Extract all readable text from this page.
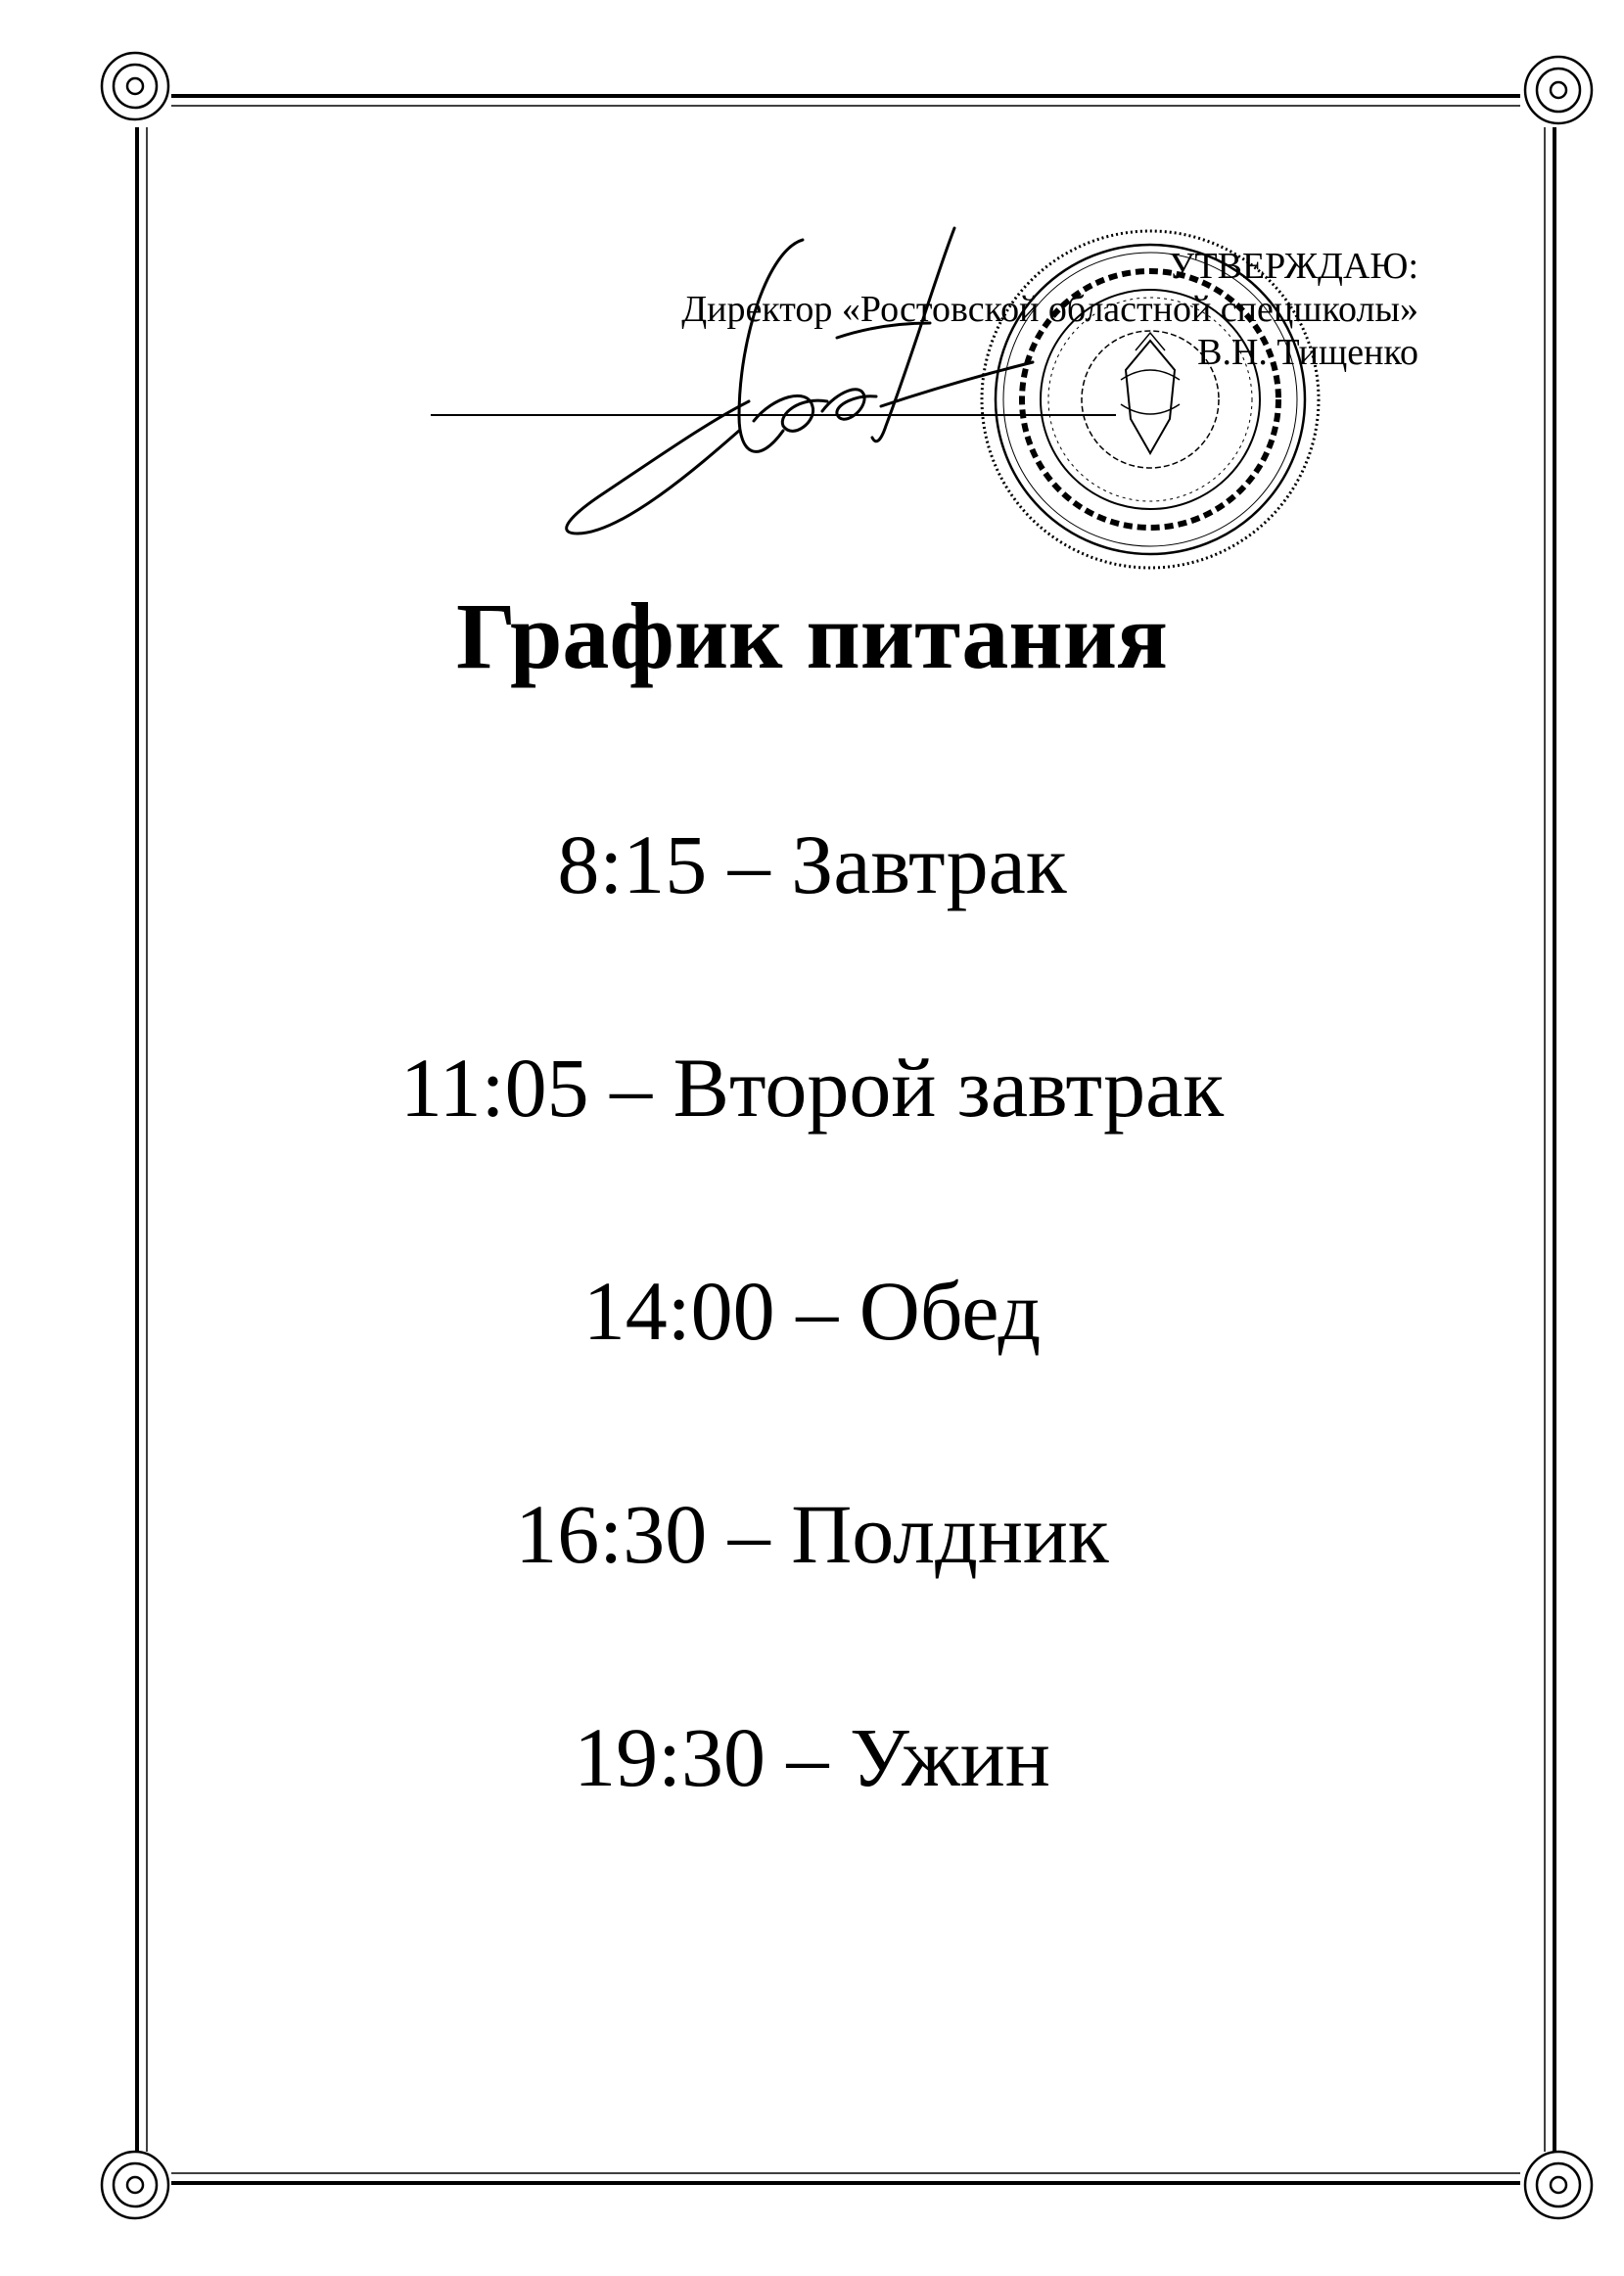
УТВЕРЖДАЮ:
Директор «Ростовской областной спецшколы»
В.Н. Тищенко
График питания
8:15 – Завтрак
11:05 – Второй завтрак
14:00 – Обед
16:30 – Полдник
19:30 – Ужин
